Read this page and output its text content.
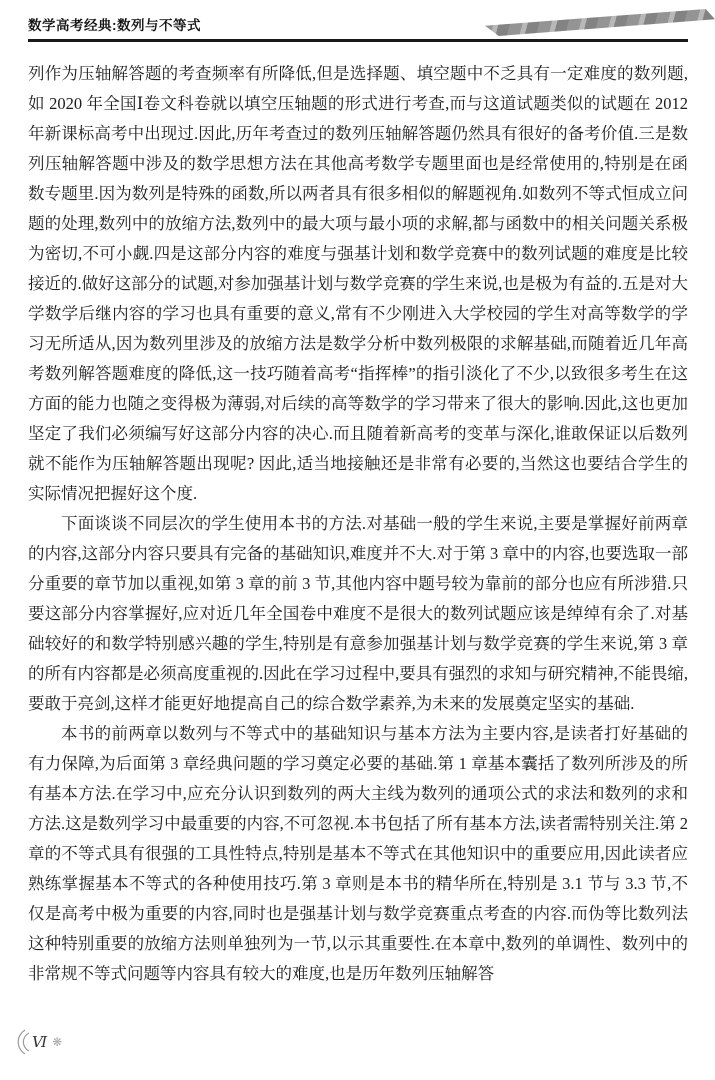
数学高考经典:数列与不等式

列作为压轴解答题的考查频率有所降低,但是选择题、填空题中不乏具有一定难度的数列题,如 2020 年全国Ⅰ卷文科卷就以填空压轴题的形式进行考查,而与这道试题类似的试题在 2012 年新课标高考中出现过.因此,历年考查过的数列压轴解答题仍然具有很好的备考价值.三是数列压轴解答题中涉及的数学思想方法在其他高考数学专题里面也是经常使用的,特别是在函数专题里.因为数列是特殊的函数,所以两者具有很多相似的解题视角.如数列不等式恒成立问题的处理,数列中的放缩方法,数列中的最大项与最小项的求解,都与函数中的相关问题关系极为密切,不可小觑.四是这部分内容的难度与强基计划和数学竞赛中的数列试题的难度是比较接近的.做好这部分的试题,对参加强基计划与数学竞赛的学生来说,也是极为有益的.五是对大学数学后继内容的学习也具有重要的意义,常有不少刚进入大学校园的学生对高等数学的学习无所适从,因为数列里涉及的放缩方法是数学分析中数列极限的求解基础,而随着近几年高考数列解答题难度的降低,这一技巧随着高考“指挥棒”的指引淡化了不少,以致很多考生在这方面的能力也随之变得极为薄弱,对后续的高等数学的学习带来了很大的影响.因此,这也更加坚定了我们必须编写好这部分内容的决心.而且随着新高考的变革与深化,谁敢保证以后数列就不能作为压轴解答题出现呢? 因此,适当地接触还是非常有必要的,当然这也要结合学生的实际情况把握好这个度.

下面谈谈不同层次的学生使用本书的方法.对基础一般的学生来说,主要是掌握好前两章的内容,这部分内容只要具有完备的基础知识,难度并不大.对于第 3 章中的内容,也要选取一部分重要的章节加以重视,如第 3 章的前 3 节,其他内容中题号较为靠前的部分也应有所涉猎.只要这部分内容掌握好,应对近几年全国卷中难度不是很大的数列试题应该是绰绰有余了.对基础较好的和数学特别感兴趣的学生,特别是有意参加强基计划与数学竞赛的学生来说,第 3 章的所有内容都是必须高度重视的.因此在学习过程中,要具有强烈的求知与研究精神,不能畏缩,要敢于亮剑,这样才能更好地提高自己的综合数学素养,为未来的发展奠定坚实的基础.

本书的前两章以数列与不等式中的基础知识与基本方法为主要内容,是读者打好基础的有力保障,为后面第 3 章经典问题的学习奠定必要的基础.第 1 章基本囊括了数列所涉及的所有基本方法.在学习中,应充分认识到数列的两大主线为数列的通项公式的求法和数列的求和方法.这是数列学习中最重要的内容,不可忽视.本书包括了所有基本方法,读者需特别关注.第 2 章的不等式具有很强的工具性特点,特别是基本不等式在其他知识中的重要应用,因此读者应熟练掌握基本不等式的各种使用技巧.第 3 章则是本书的精华所在,特别是 3.1 节与 3.3 节,不仅是高考中极为重要的内容,同时也是强基计划与数学竞赛重点考查的内容.而伪等比数列法这种特别重要的放缩方法则单独列为一节,以示其重要性.在本章中,数列的单调性、数列中的非常规不等式问题等内容具有较大的难度,也是历年数列压轴解答

Ⅵ ❋
